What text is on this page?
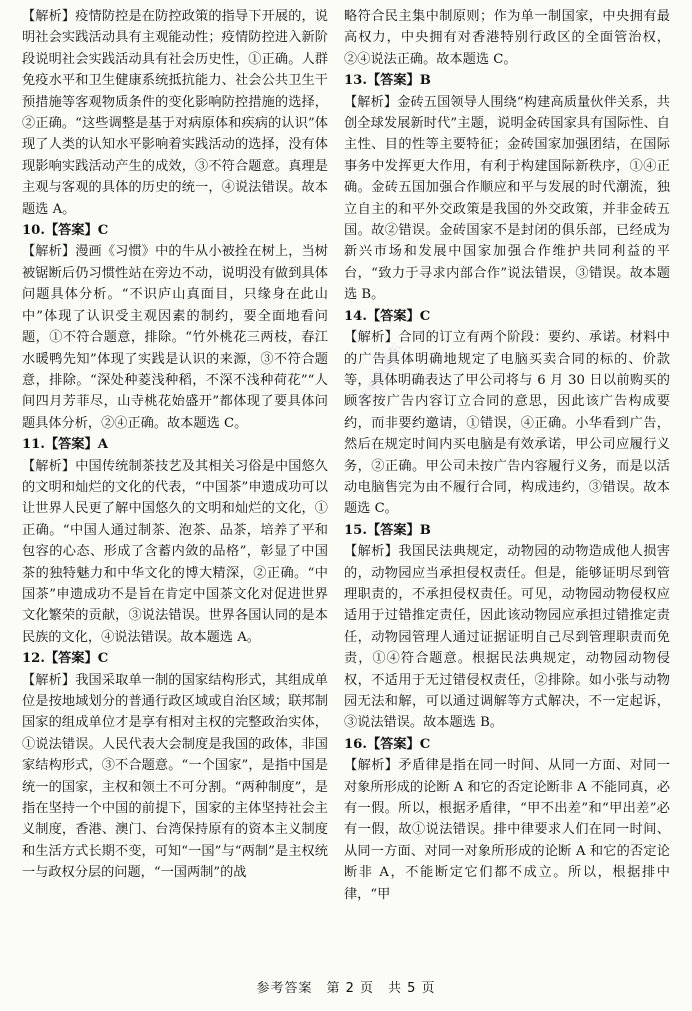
【解析】疫情防控是在防控政策的指导下开展的，说明社会实践活动具有主观能动性；疫情防控进入新阶段说明社会实践活动具有社会历史性，①正确。人群免疫水平和卫生健康系统抵抗能力、社会公共卫生干预措施等客观物质条件的变化影响防控措施的选择，②正确。“这些调整是基于对病原体和疾病的认识”体现了人类的认知水平影响着实践活动的选择，没有体现影响实践活动产生的成效，③不符合题意。真理是主观与客观的具体的历史的统一，④说法错误。故本题选 A。

10.【答案】C

【解析】漫画《习惯》中的牛从小被拴在树上，当树被锯断后仍习惯性站在旁边不动，说明没有做到具体问题具体分析。“不识庐山真面目，只缘身在此山中”体现了认识受主观因素的制约，要全面地看问题，①不符合题意，排除。“竹外桃花三两枝，春江水暖鸭先知”体现了实践是认识的来源，③不符合题意，排除。“深处种菱浅种稻，不深不浅种荷花”“人间四月芳菲尽，山寺桃花始盛开”都体现了要具体问题具体分析，②④正确。故本题选 C。

11.【答案】A

【解析】中国传统制茶技艺及其相关习俗是中国悠久的文明和灿烂的文化的代表，“中国茶”申遗成功可以让世界人民更了解中国悠久的文明和灿烂的文化，①正确。“中国人通过制茶、泡茶、品茶，培养了平和包容的心态、形成了含蓄内敛的品格”，彰显了中国茶的独特魅力和中华文化的博大精深，②正确。“中国茶”申遗成功不是旨在肯定中国茶文化对促进世界文化繁荣的贡献，③说法错误。世界各国认同的是本民族的文化，④说法错误。故本题选 A。

12.【答案】C

【解析】我国采取单一制的国家结构形式，其组成单位是按地域划分的普通行政区域或自治区域；联邦制国家的组成单位才是享有相对主权的完整政治实体，①说法错误。人民代表大会制度是我国的政体，非国家结构形式，③不合题意。“一个国家”，是指中国是统一的国家，主权和领土不可分割。“两种制度”，是指在坚持一个中国的前提下，国家的主体坚持社会主义制度，香港、澳门、台湾保持原有的资本主义制度和生活方式长期不变，可知“一国”与“两制”是主权统一与政权分层的问题，“一国两制”的战

略符合民主集中制原则；作为单一制国家，中央拥有最高权力，中央拥有对香港特别行政区的全面管治权，②④说法正确。故本题选 C。

13.【答案】B

【解析】金砖五国领导人围绕“构建高质量伙伴关系，共创全球发展新时代”主题，说明金砖国家具有国际性、自主性、目的性等主要特征；金砖国家加强团结，在国际事务中发挥更大作用，有利于构建国际新秩序，①④正确。金砖五国加强合作顺应和平与发展的时代潮流，独立自主的和平外交政策是我国的外交政策，并非金砖五国。故②错误。金砖国家不是封闭的俱乐部，已经成为新兴市场和发展中国家加强合作维护共同利益的平台，“致力于寻求内部合作”说法错误，③错误。故本题选 B。

14.【答案】C

【解析】合同的订立有两个阶段：要约、承诺。材料中的广告具体明确地规定了电脑买卖合同的标的、价款等，具体明确表达了甲公司将与 6 月 30 日以前购买的顾客按广告内容订立合同的意思，因此该广告构成要约，而非要约邀请，①错误，④正确。小华看到广告，然后在规定时间内买电脑是有效承诺，甲公司应履行义务，②正确。甲公司未按广告内容履行义务，而是以活动电脑售完为由不履行合同，构成违约，③错误。故本题选 C。

15.【答案】B

【解析】我国民法典规定，动物园的动物造成他人损害的，动物园应当承担侵权责任。但是，能够证明尽到管理职责的，不承担侵权责任。可见，动物园动物侵权应适用于过错推定责任，因此该动物园应承担过错推定责任，动物园管理人通过证据证明自己尽到管理职责而免责，①④符合题意。根据民法典规定，动物园动物侵权，不适用于无过错侵权责任，②排除。如小张与动物园无法和解，可以通过调解等方式解决，不一定起诉，③说法错误。故本题选 B。

16.【答案】C

【解析】矛盾律是指在同一时间、从同一方面、对同一对象所形成的论断 A 和它的否定论断非 A 不能同真，必有一假。所以，根据矛盾律，“甲不出差”和“甲出差”必有一假，故①说法错误。排中律要求人们在同一时间、从同一方面、对同一对象所形成的论断 A 和它的否定论断非 A，不能断定它们都不成立。所以，根据排中律，“甲

高考直通车
参考答案　第 2 页　共 5 页
